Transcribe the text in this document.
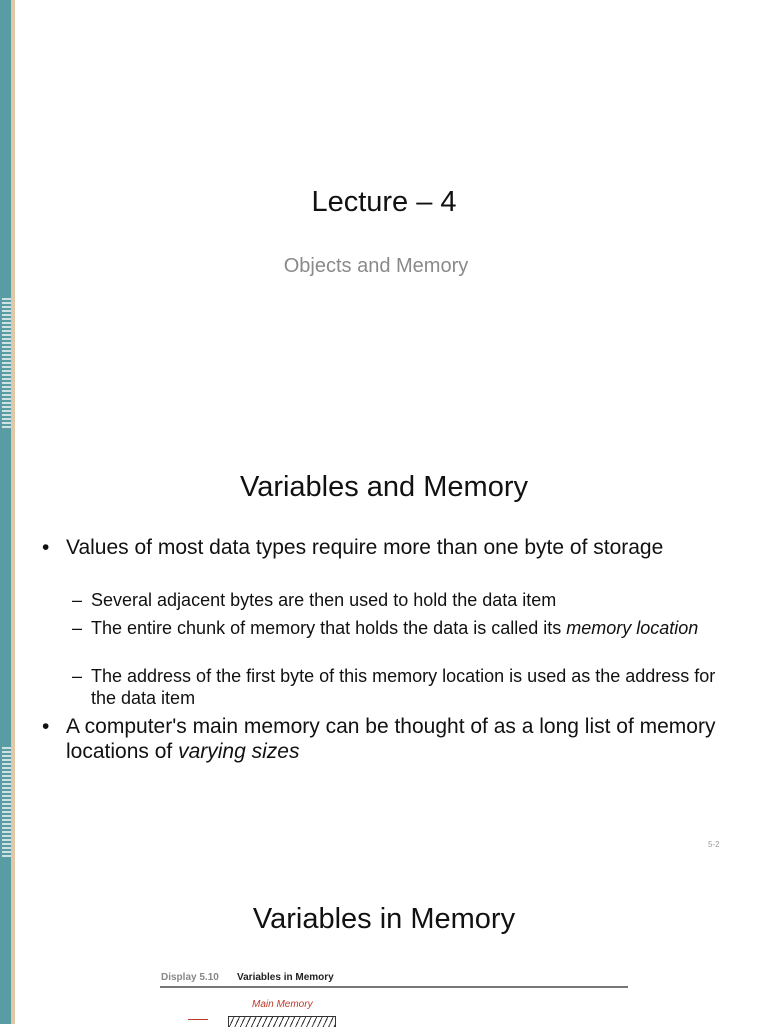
Lecture – 4
Objects and Memory
Variables and Memory
• Values of most data types require more than one byte of storage
– Several adjacent bytes are then used to hold the data item
– The entire chunk of memory that holds the data is called its memory location
– The address of the first byte of this memory location is used as the address for the data item
• A computer's main memory can be thought of as a long list of memory locations of varying sizes
5-2
Variables in Memory
Display 5.10 Variables in Memory
Main Memory
